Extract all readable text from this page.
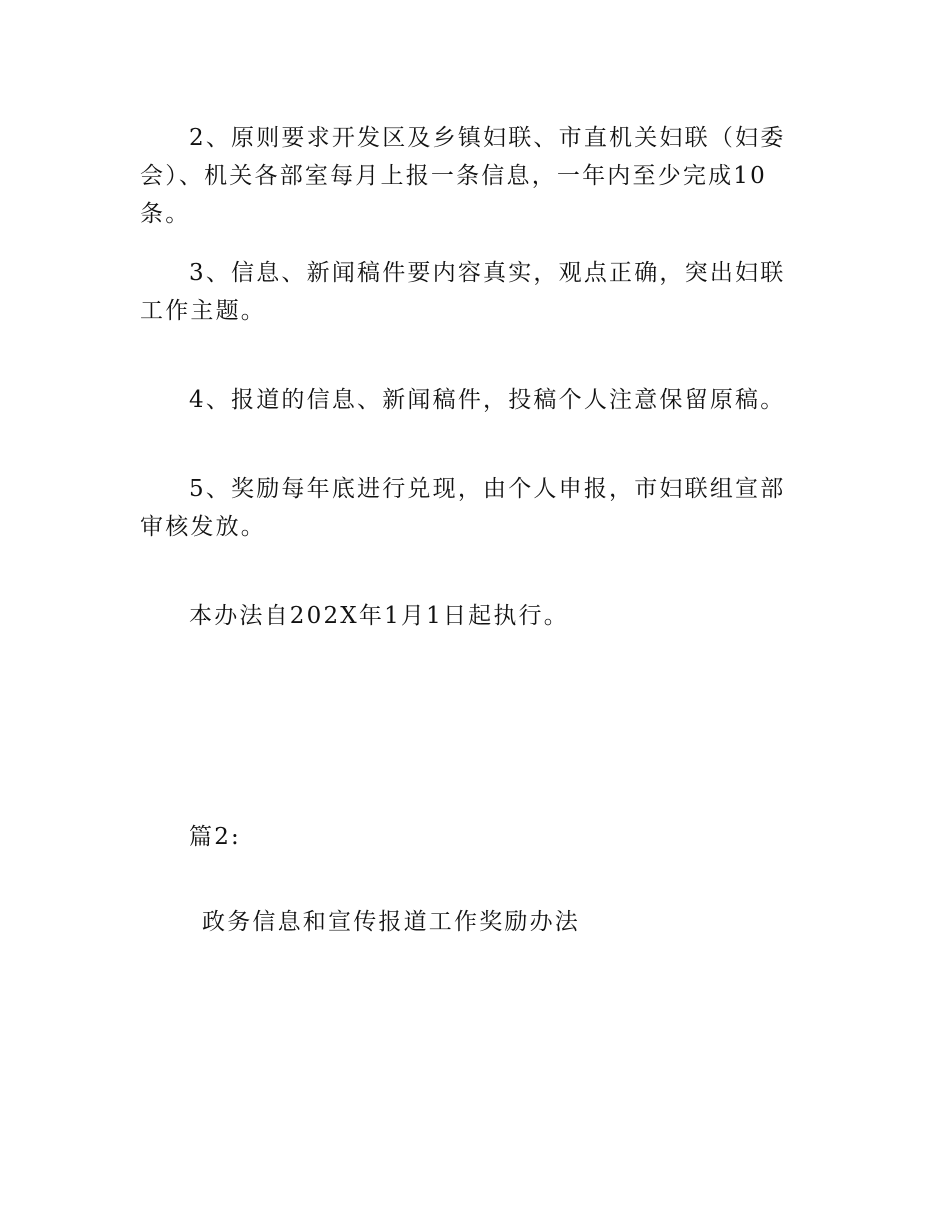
2、原则要求开发区及乡镇妇联、市直机关妇联（妇委会）、机关各部室每月上报一条信息，一年内至少完成10条。

3、信息、新闻稿件要内容真实，观点正确，突出妇联工作主题。

4、报道的信息、新闻稿件，投稿个人注意保留原稿。

5、奖励每年底进行兑现，由个人申报，市妇联组宣部审核发放。

本办法自202X年1月1日起执行。

篇2:

政务信息和宣传报道工作奖励办法
